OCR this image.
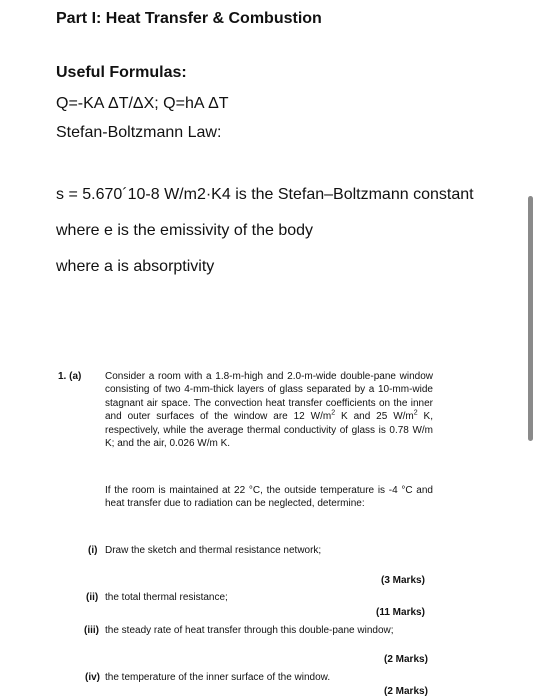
Part I: Heat Transfer & Combustion
Useful Formulas:
Q=-KA ΔT/ΔX; Q=hA ΔT
Stefan-Boltzmann Law:
s = 5.670´10-8 W/m2·K4 is the Stefan–Boltzmann constant
where e is the emissivity of the body
where a is absorptivity
1. (a) Consider a room with a 1.8-m-high and 2.0-m-wide double-pane window consisting of two 4-mm-thick layers of glass separated by a 10-mm-wide stagnant air space. The convection heat transfer coefficients on the inner and outer surfaces of the window are 12 $W/m^2$ K and 25 $W/m^2$ K, respectively, while the average thermal conductivity of glass is 0.78 W/m K; and the air, 0.026 W/m K.
If the room is maintained at 22 °C, the outside temperature is -4 °C and heat transfer due to radiation can be neglected, determine:
(i) Draw the sketch and thermal resistance network;
(3 Marks)
(ii) the total thermal resistance;
(11 Marks)
(iii) the steady rate of heat transfer through this double-pane window;
(2 Marks)
(iv) the temperature of the inner surface of the window.
(2 Marks)
